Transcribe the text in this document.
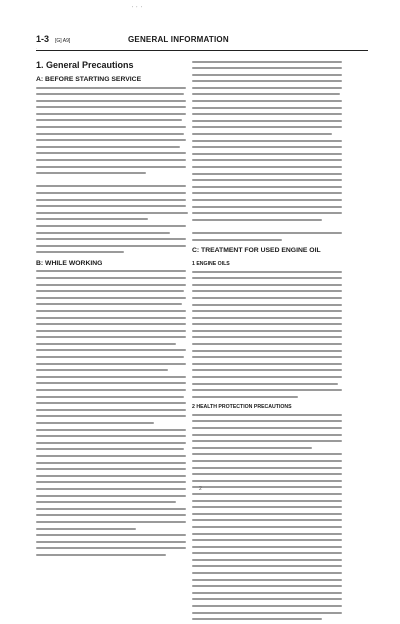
' ' '
1-3 [G] A9]
.
GENERAL INFORMATION
1. General Precautions
A: BEFORE STARTING SERVICE
B: WHILE WORKING
C: TREATMENT FOR USED ENGINE OIL
1 ENGINE OILS
2 HEALTH PROTECTION PRECAUTIONS
2
